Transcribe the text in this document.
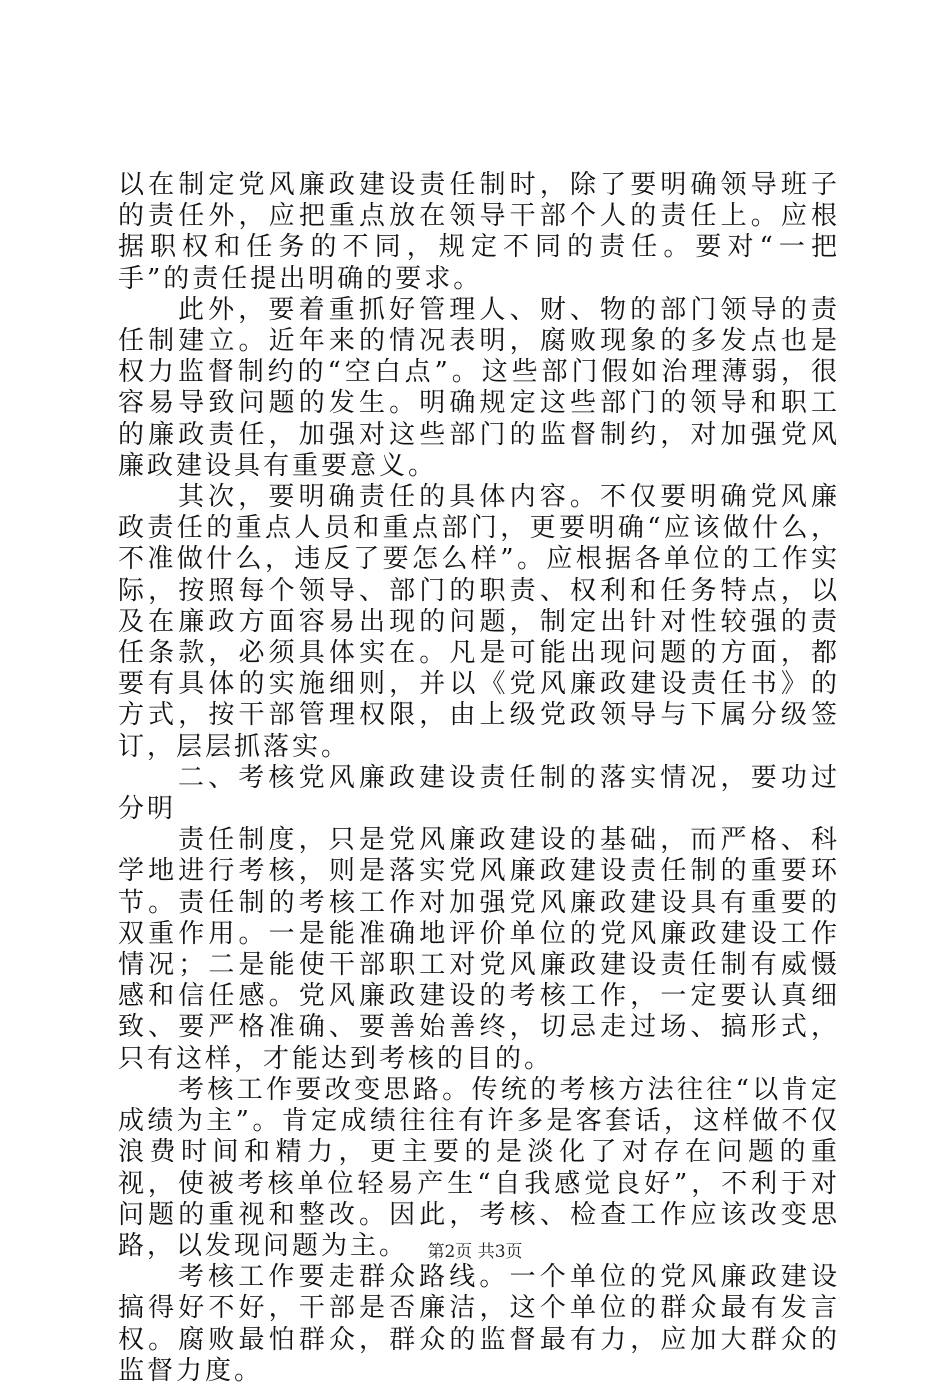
以在制定党风廉政建设责任制时，除了要明确领导班子的责任外，应把重点放在领导干部个人的责任上。应根据职权和任务的不同，规定不同的责任。要对“一把手”的责任提出明确的要求。

此外，要着重抓好管理人、财、物的部门领导的责任制建立。近年来的情况表明，腐败现象的多发点也是权力监督制约的“空白点”。这些部门假如治理薄弱，很容易导致问题的发生。明确规定这些部门的领导和职工的廉政责任，加强对这些部门的监督制约，对加强党风廉政建设具有重要意义。

其次，要明确责任的具体内容。不仅要明确党风廉政责任的重点人员和重点部门，更要明确“应该做什么，不准做什么，违反了要怎么样”。应根据各单位的工作实际，按照每个领导、部门的职责、权利和任务特点，以及在廉政方面容易出现的问题，制定出针对性较强的责任条款，必须具体实在。凡是可能出现问题的方面，都要有具体的实施细则，并以《党风廉政建设责任书》的方式，按干部管理权限，由上级党政领导与下属分级签订，层层抓落实。

二、考核党风廉政建设责任制的落实情况，要功过分明

责任制度，只是党风廉政建设的基础，而严格、科学地进行考核，则是落实党风廉政建设责任制的重要环节。责任制的考核工作对加强党风廉政建设具有重要的双重作用。一是能准确地评价单位的党风廉政建设工作情况；二是能使干部职工对党风廉政建设责任制有威慑感和信任感。党风廉政建设的考核工作，一定要认真细致、要严格准确、要善始善终，切忌走过场、搞形式，只有这样，才能达到考核的目的。

考核工作要改变思路。传统的考核方法往往“以肯定成绩为主”。肯定成绩往往有许多是客套话，这样做不仅浪费时间和精力，更主要的是淡化了对存在问题的重视，使被考核单位轻易产生“自我感觉良好”，不利于对问题的重视和整改。因此，考核、检查工作应该改变思路，以发现问题为主。

考核工作要走群众路线。一个单位的党风廉政建设搞得好不好，干部是否廉洁，这个单位的群众最有发言权。腐败最怕群众，群众的监督最有力，应加大群众的监督力度。

第2页 共3页
